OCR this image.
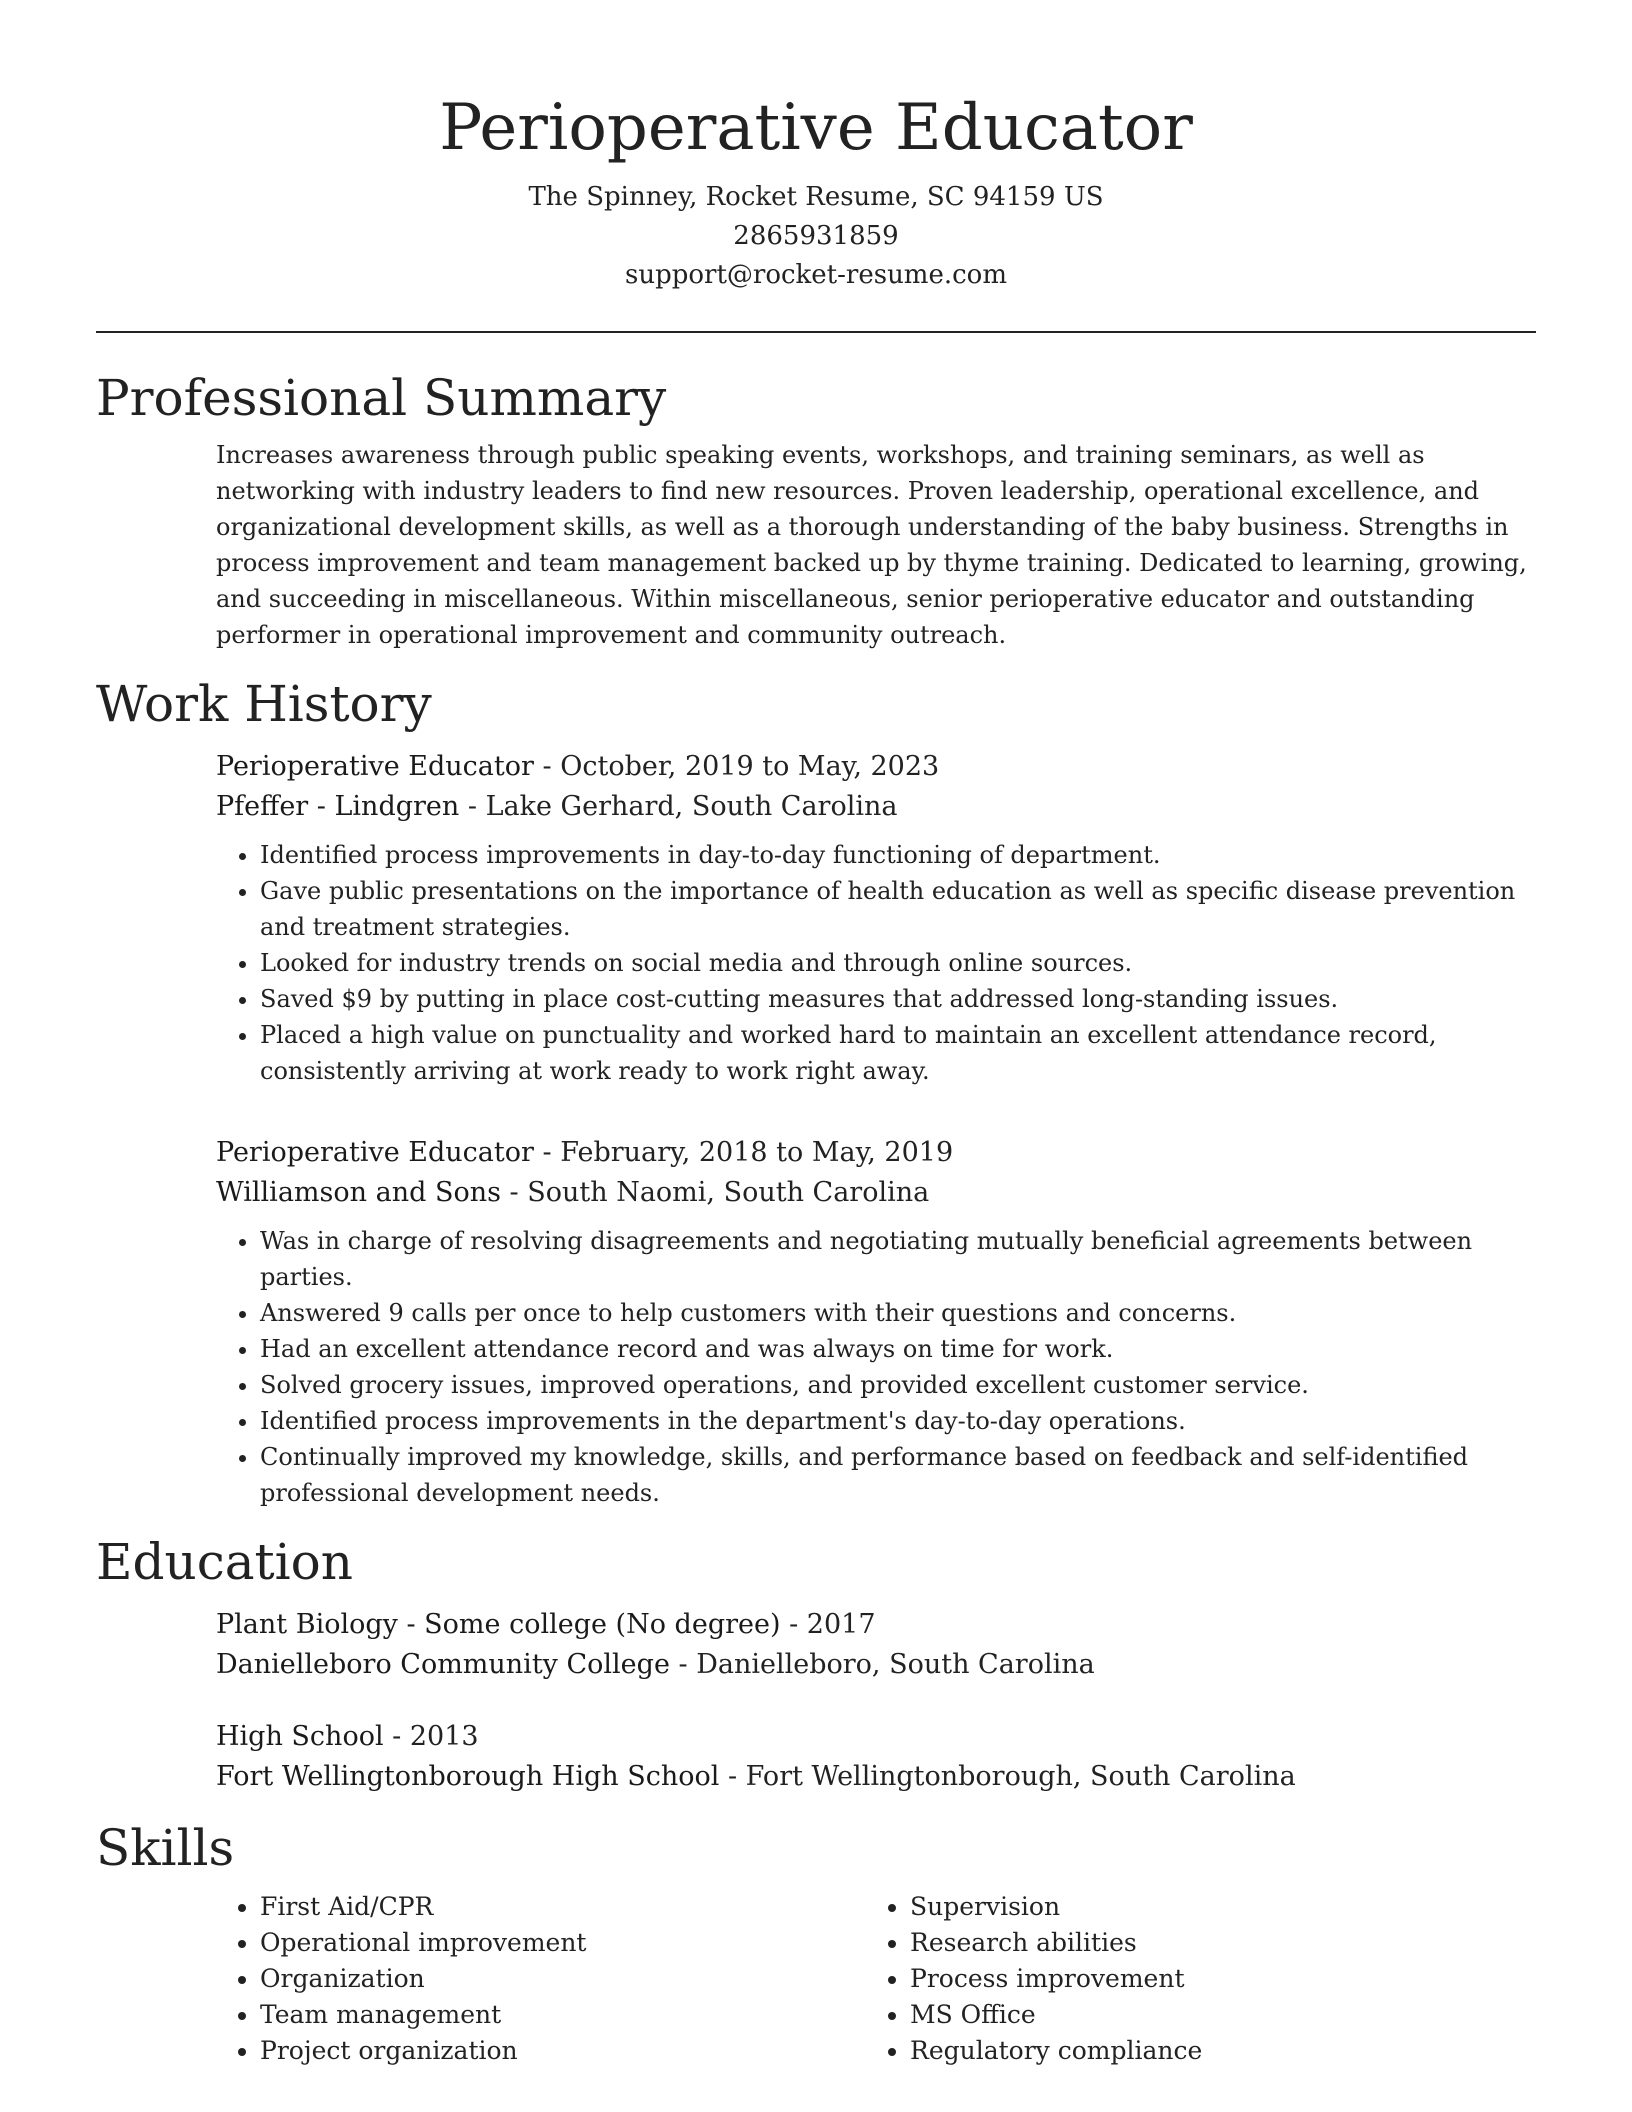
Perioperative Educator
The Spinney, Rocket Resume, SC 94159 US
2865931859
support@rocket-resume.com
Professional Summary

Increases awareness through public speaking events, workshops, and training seminars, as well as networking with industry leaders to find new resources. Proven leadership, operational excellence, and organizational development skills, as well as a thorough understanding of the baby business. Strengths in process improvement and team management backed up by thyme training. Dedicated to learning, growing, and succeeding in miscellaneous. Within miscellaneous, senior perioperative educator and outstanding performer in operational improvement and community outreach.

Work History
Perioperative Educator - October, 2019 to May, 2023
Pfeffer - Lindgren - Lake Gerhard, South Carolina
• Identified process improvements in day-to-day functioning of department.
• Gave public presentations on the importance of health education as well as specific disease prevention and treatment strategies.
• Looked for industry trends on social media and through online sources.
• Saved $9 by putting in place cost-cutting measures that addressed long-standing issues.
• Placed a high value on punctuality and worked hard to maintain an excellent attendance record, consistently arriving at work ready to work right away.
Perioperative Educator - February, 2018 to May, 2019
Williamson and Sons - South Naomi, South Carolina
• Was in charge of resolving disagreements and negotiating mutually beneficial agreements between parties.
• Answered 9 calls per once to help customers with their questions and concerns.
• Had an excellent attendance record and was always on time for work.
• Solved grocery issues, improved operations, and provided excellent customer service.
• Identified process improvements in the department's day-to-day operations.
• Continually improved my knowledge, skills, and performance based on feedback and self-identified professional development needs.
Education
Plant Biology - Some college (No degree) - 2017
Danielleboro Community College - Danielleboro, South Carolina
High School - 2013
Fort Wellingtonborough High School - Fort Wellingtonborough, South Carolina
Skills
• First Aid/CPR
• Operational improvement
• Organization
• Team management
• Project organization
• Supervision
• Research abilities
• Process improvement
• MS Office
• Regulatory compliance
